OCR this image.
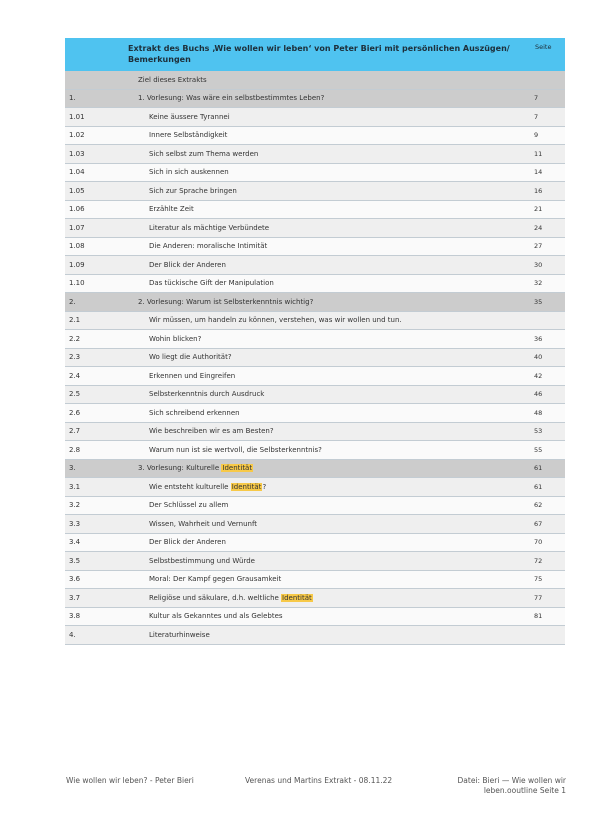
Extrakt des Buchs ‚Wie wollen wir leben‘ von Peter Bieri mit persönlichen Auszügen/ Bemerkungen
Seite
Ziel dieses Extrakts
1.	1. Vorlesung: Was wäre ein selbstbestimmtes Leben?	7
1.01	Keine äussere Tyrannei	7
1.02	Innere Selbständigkeit	9
1.03	Sich selbst zum Thema werden	11
1.04	Sich in sich auskennen	14
1.05	Sich zur Sprache bringen	16
1.06	Erzählte Zeit	21
1.07	Literatur als mächtige Verbündete	24
1.08	Die Anderen: moralische Intimität	27
1.09	Der Blick der Anderen	30
1.10	Das tückische Gift der Manipulation	32
2.	2. Vorlesung: Warum ist Selbsterkenntnis wichtig?	35
2.1	Wir müssen, um handeln zu können, verstehen, was wir wollen und tun.
2.2	Wohin blicken?	36
2.3	Wo liegt die Authorität?	40
2.4	Erkennen und Eingreifen	42
2.5	Selbsterkenntnis durch Ausdruck	46
2.6	Sich schreibend erkennen	48
2.7	Wie beschreiben wir es am Besten?	53
2.8	Warum nun ist sie wertvoll, die Selbsterkenntnis?	55
3.	3. Vorlesung: Kulturelle Identität	61
3.1	Wie entsteht kulturelle Identität?	61
3.2	Der Schlüssel zu allem	62
3.3	Wissen, Wahrheit und Vernunft	67
3.4	Der Blick der Anderen	70
3.5	Selbstbestimmung und Würde	72
3.6	Moral: Der Kampf gegen Grausamkeit	75
3.7	Religiöse und säkulare, d.h. weltliche Identität	77
3.8	Kultur als Gekanntes und als Gelebtes	81
4.	Literaturhinweise
Wie wollen wir leben? - Peter Bieri	Verenas und Martins Extrakt - 08.11.22	Datei: Bieri — Wie wollen wir leben.ooutline Seite 1
